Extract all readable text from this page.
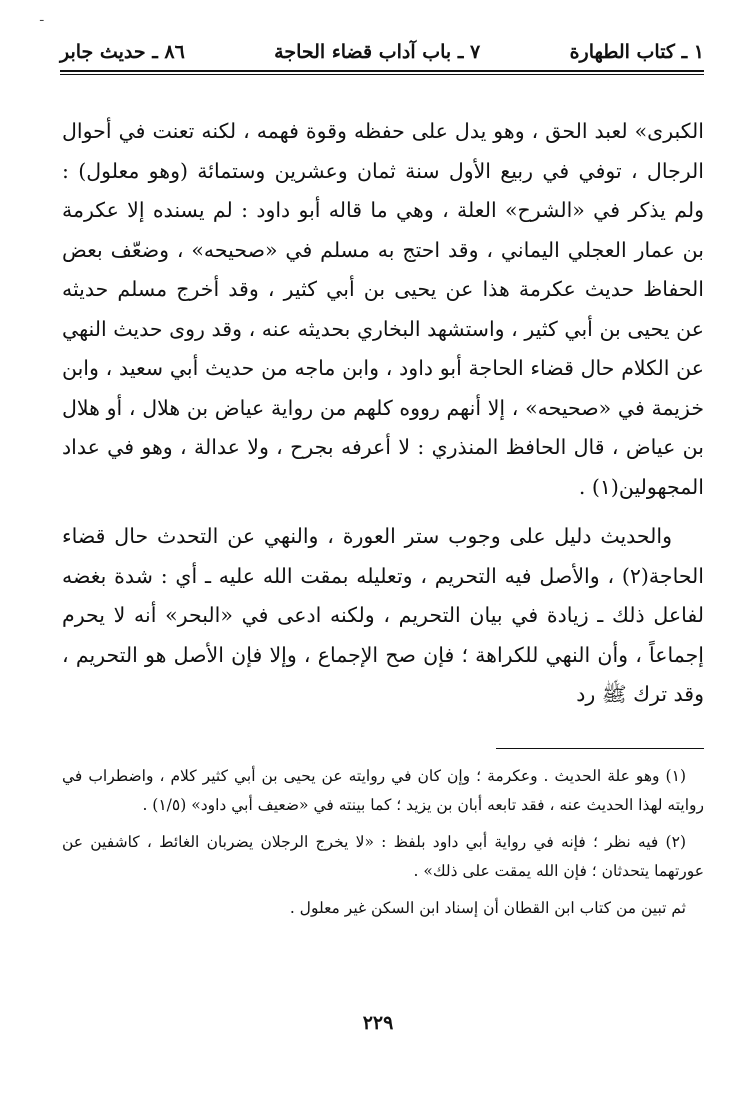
ـ
١ ـ كتاب الطهارة
٧ ـ باب آداب قضاء الحاجة
٨٦ ـ حديث جابر

الكبرى» لعبد الحق ، وهو يدل على حفظه وقوة فهمه ، لكنه تعنت في أحوال الرجال ، توفي في ربيع الأول سنة ثمان وعشرين وستمائة (وهو معلول) : ولم يذكر في «الشرح» العلة ، وهي ما قاله أبو داود : لم يسنده إلا عكرمة بن عمار العجلي اليماني ، وقد احتج به مسلم في «صحيحه» ، وضعّف بعض الحفاظ حديث عكرمة هذا عن يحيى بن أبي كثير ، وقد أخرج مسلم حديثه عن يحيى بن أبي كثير ، واستشهد البخاري بحديثه عنه ، وقد روى حديث النهي عن الكلام حال قضاء الحاجة أبو داود ، وابن ماجه من حديث أبي سعيد ، وابن خزيمة في «صحيحه» ، إلا أنهم رووه كلهم من رواية عياض بن هلال ، أو هلال بن عياض ، قال الحافظ المنذري : لا أعرفه بجرح ، ولا عدالة ، وهو في عداد المجهولين(١) .

والحديث دليل على وجوب ستر العورة ، والنهي عن التحدث حال قضاء الحاجة(٢) ، والأصل فيه التحريم ، وتعليله بمقت الله عليه ـ أي : شدة بغضه لفاعل ذلك ـ زيادة في بيان التحريم ، ولكنه ادعى في «البحر» أنه لا يحرم إجماعاً ، وأن النهي للكراهة ؛ فإن صح الإجماع ، وإلا فإن الأصل هو التحريم ، وقد ترك ﷺ رد

(١) وهو علة الحديث . وعكرمة ؛ وإن كان في روايته عن يحيى بن أبي كثير كلام ، واضطراب في روايته لهذا الحديث عنه ، فقد تابعه أبان بن يزيد ؛ كما بينته في «ضعيف أبي داود» (١/٥) .

(٢) فيه نظر ؛ فإنه في رواية أبي داود بلفظ : «لا يخرج الرجلان يضربان الغائط ، كاشفين عن عورتهما يتحدثان ؛ فإن الله يمقت على ذلك» .

ثم تبين من كتاب ابن القطان أن إسناد ابن السكن غير معلول .

٢٢٩
